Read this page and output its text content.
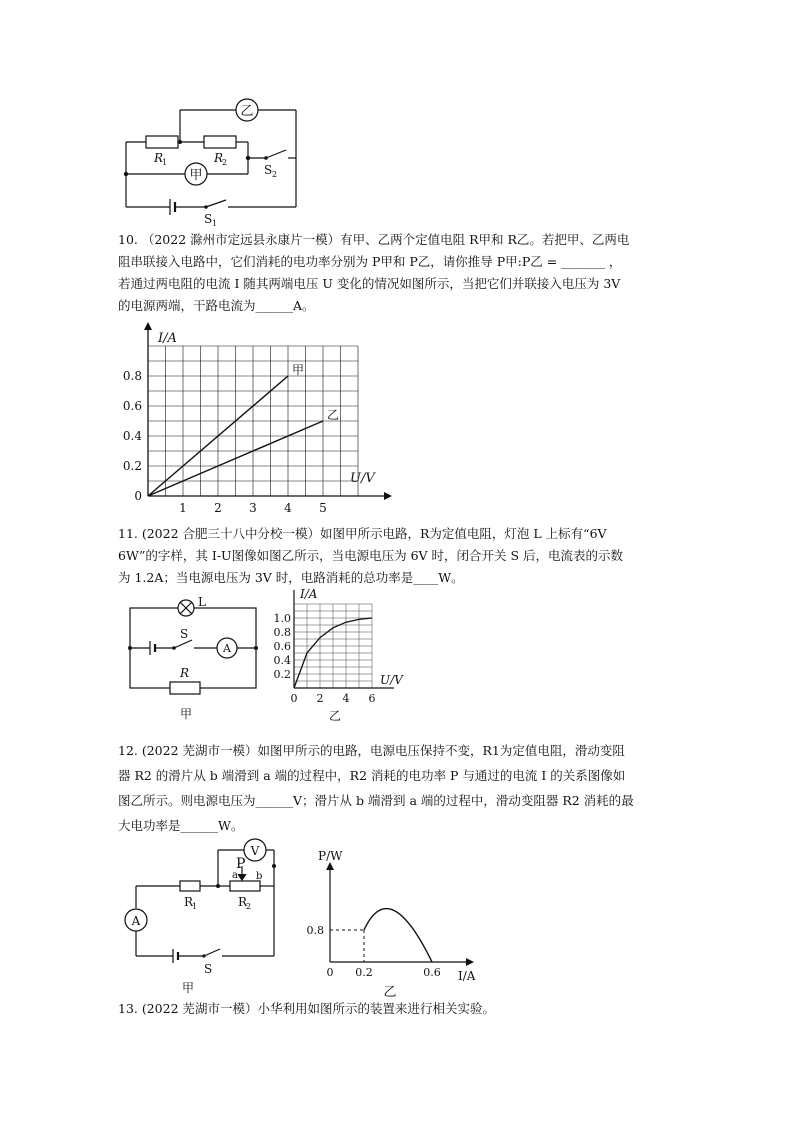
乙
甲
R
1	R
2
S 2
S 1
10. （2022 滁州市定远县永康片一模）有甲、乙两个定值电阻 R甲和 R乙。若把甲、乙两电
阻串联接入电路中，它们消耗的电功率分别为 P甲和 P乙，请你推导 P甲:P乙 = _______ ，
若通过两电阻的电流 I 随其两端电压 U 变化的情况如图所示，当把它们并联接入电压为 3V
的电源两端，干路电流为______A。
1 2 3 4 5
0.2
0.4
0.6
0.8
0
I/A
U/V
甲
乙
11. (2022 合肥三十八中分校一模）如图甲所示电路，R为定值电阻，灯泡 L 上标有“6V
6W”的字样，其 I-U图像如图乙所示，当电源电压为 6V 时，闭合开关 S 后，电流表的示数
为 1.2A；当电源电压为 3V 时，电路消耗的总功率是____W。
L
S
A
R
甲
0 2 4 6
0.2
0.4
0.6
0.8
1.0
I/A
U/V
乙
12. (2022 芜湖市一模）如图甲所示的电路，电源电压保持不变，R1为定值电阻，滑动变阻
器 R2 的滑片从 b 端滑到 a 端的过程中，R2 消耗的电功率 P 与通过的电流 I 的关系图像如
图乙所示。则电源电压为______V；滑片从 b 端滑到 a 端的过程中，滑动变阻器 R2 消耗的最
大电功率是______W。
V
A
P
a b
R
1	R
2
S
甲
P/W
I/A
0 0.2	0.6
0.8
乙
13. (2022 芜湖市一模）小华利用如图所示的装置来进行相关实验。
